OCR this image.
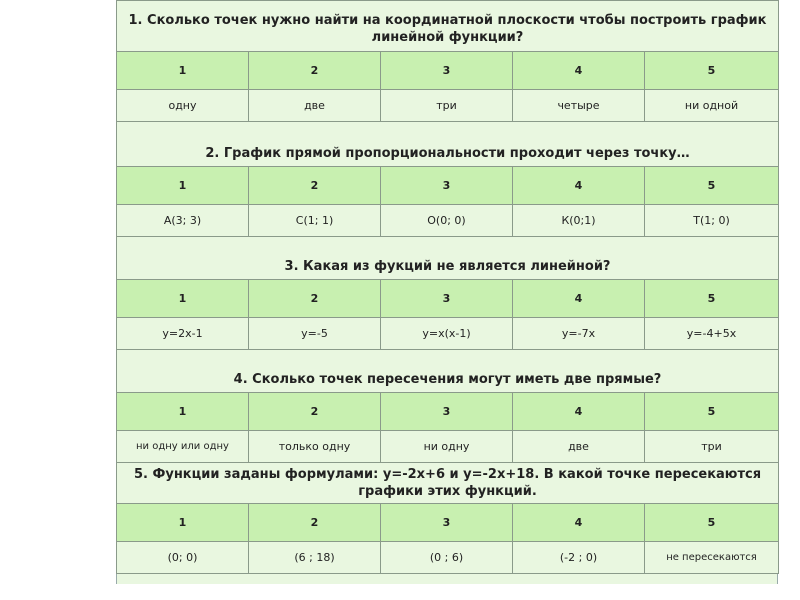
1. Сколько точек нужно найти на координатной плоскости чтобы построить график линейной функции?				
1	2	3	4	5
одну	две	три	четыре	ни одной
2. График прямой пропорциональности проходит через точку…				
1	2	3	4	5
А(3; 3)	С(1; 1)	О(0; 0)	К(0;1)	Т(1; 0)
3. Какая из фукций не является линейной?				
1	2	3	4	5
y=2x-1	y=-5	y=x(x-1)	y=-7x	y=-4+5x
4. Сколько точек пересечения могут иметь две прямые?				
1	2	3	4	5
ни одну или одну	только одну	ни одну	две	три
5. Функции заданы формулами: y=-2x+6 и y=-2x+18. В какой точке пересекаются графики этих функций.				
1	2	3	4	5
(0; 0)	(6 ; 18)	(0 ; 6)	(-2 ; 0)	не пересекаются
